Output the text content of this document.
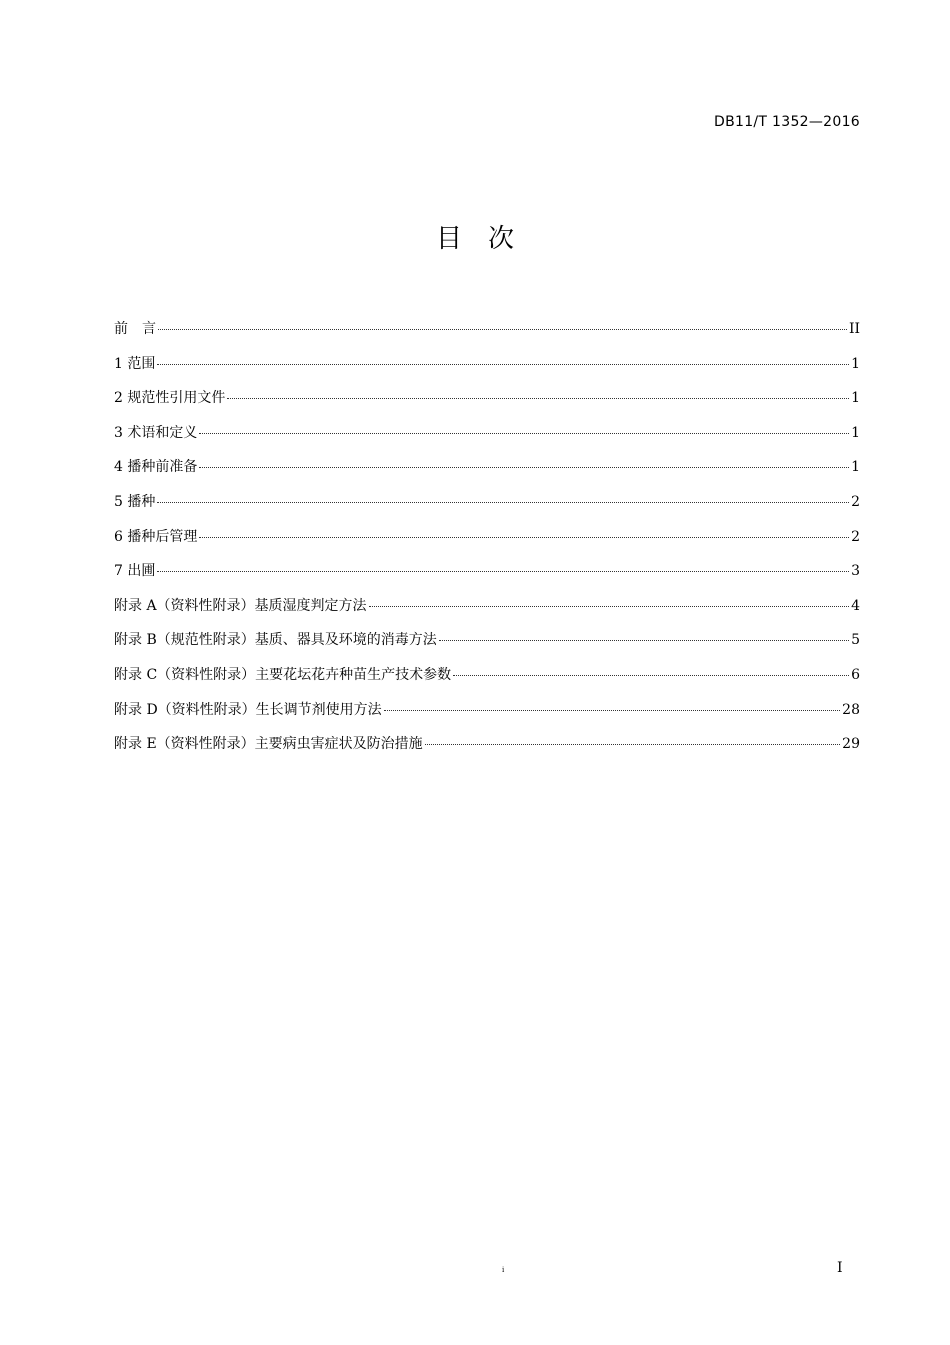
DB11/T 1352—2016
目次
前　言	II
1 范围	1
2 规范性引用文件	1
3 术语和定义	1
4 播种前准备	1
5 播种	2
6 播种后管理	2
7 出圃	3
附录 A（资料性附录）基质湿度判定方法	4
附录 B（规范性附录）基质、器具及环境的消毒方法	5
附录 C（资料性附录）主要花坛花卉种苗生产技术参数	6
附录 D（资料性附录）生长调节剂使用方法	28
附录 E（资料性附录）主要病虫害症状及防治措施	29
i	I
